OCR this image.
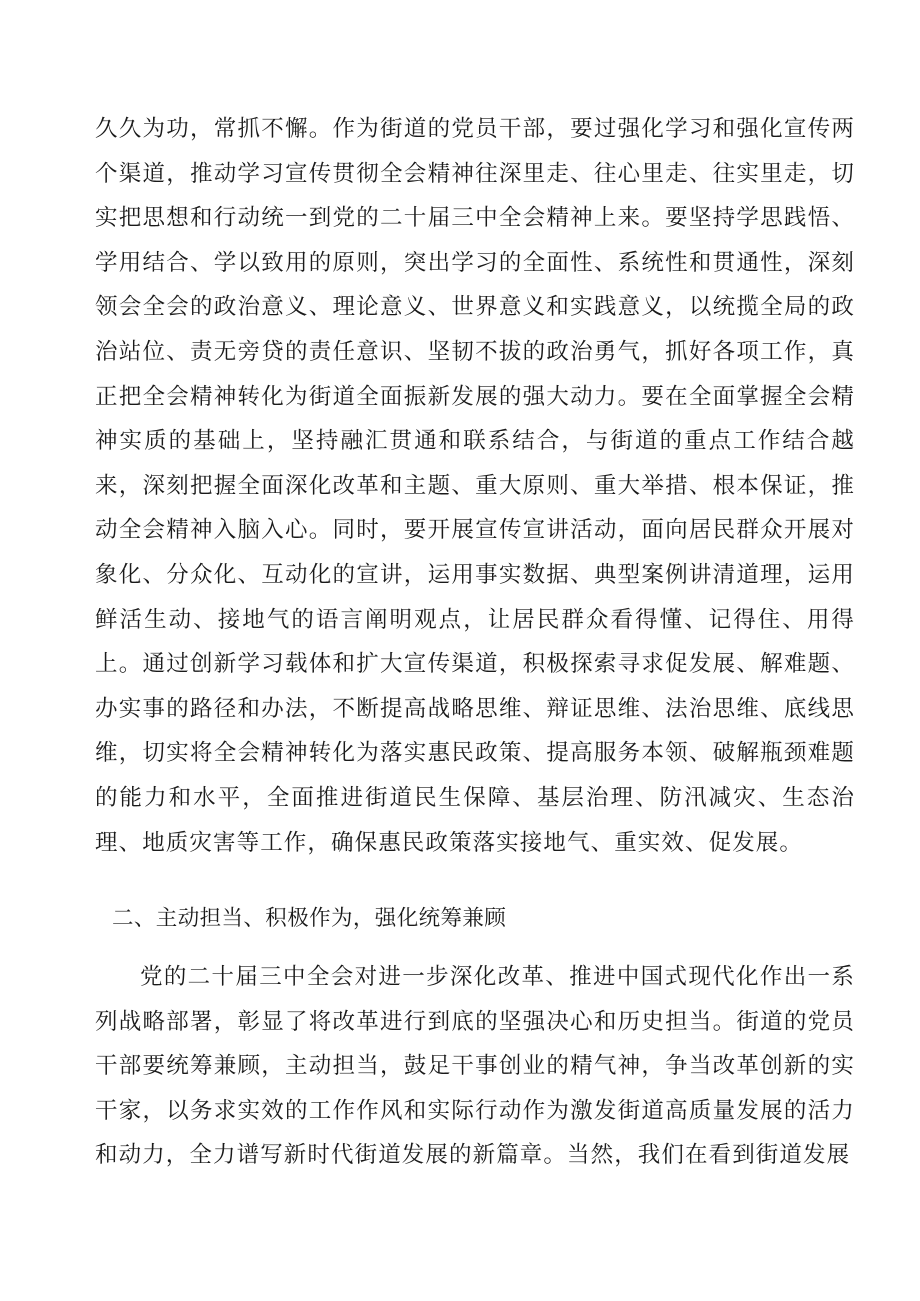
久久为功，常抓不懈。作为街道的党员干部，要过强化学习和强化宣传两个渠道，推动学习宣传贯彻全会精神往深里走、往心里走、往实里走，切实把思想和行动统一到党的二十届三中全会精神上来。要坚持学思践悟、学用结合、学以致用的原则，突出学习的全面性、系统性和贯通性，深刻领会全会的政治意义、理论意义、世界意义和实践意义，以统揽全局的政治站位、责无旁贷的责任意识、坚韧不拔的政治勇气，抓好各项工作，真正把全会精神转化为街道全面振新发展的强大动力。要在全面掌握全会精神实质的基础上，坚持融汇贯通和联系结合，与街道的重点工作结合越来，深刻把握全面深化改革和主题、重大原则、重大举措、根本保证，推动全会精神入脑入心。同时，要开展宣传宣讲活动，面向居民群众开展对象化、分众化、互动化的宣讲，运用事实数据、典型案例讲清道理，运用鲜活生动、接地气的语言阐明观点，让居民群众看得懂、记得住、用得上。通过创新学习载体和扩大宣传渠道，积极探索寻求促发展、解难题、办实事的路径和办法，不断提高战略思维、辩证思维、法治思维、底线思维，切实将全会精神转化为落实惠民政策、提高服务本领、破解瓶颈难题的能力和水平，全面推进街道民生保障、基层治理、防汛减灾、生态治理、地质灾害等工作，确保惠民政策落实接地气、重实效、促发展。

二、主动担当、积极作为，强化统筹兼顾

党的二十届三中全会对进一步深化改革、推进中国式现代化作出一系列战略部署，彰显了将改革进行到底的坚强决心和历史担当。街道的党员干部要统筹兼顾，主动担当，鼓足干事创业的精气神，争当改革创新的实干家，以务求实效的工作作风和实际行动作为激发街道高质量发展的活力和动力，全力谱写新时代街道发展的新篇章。当然，我们在看到街道发展
